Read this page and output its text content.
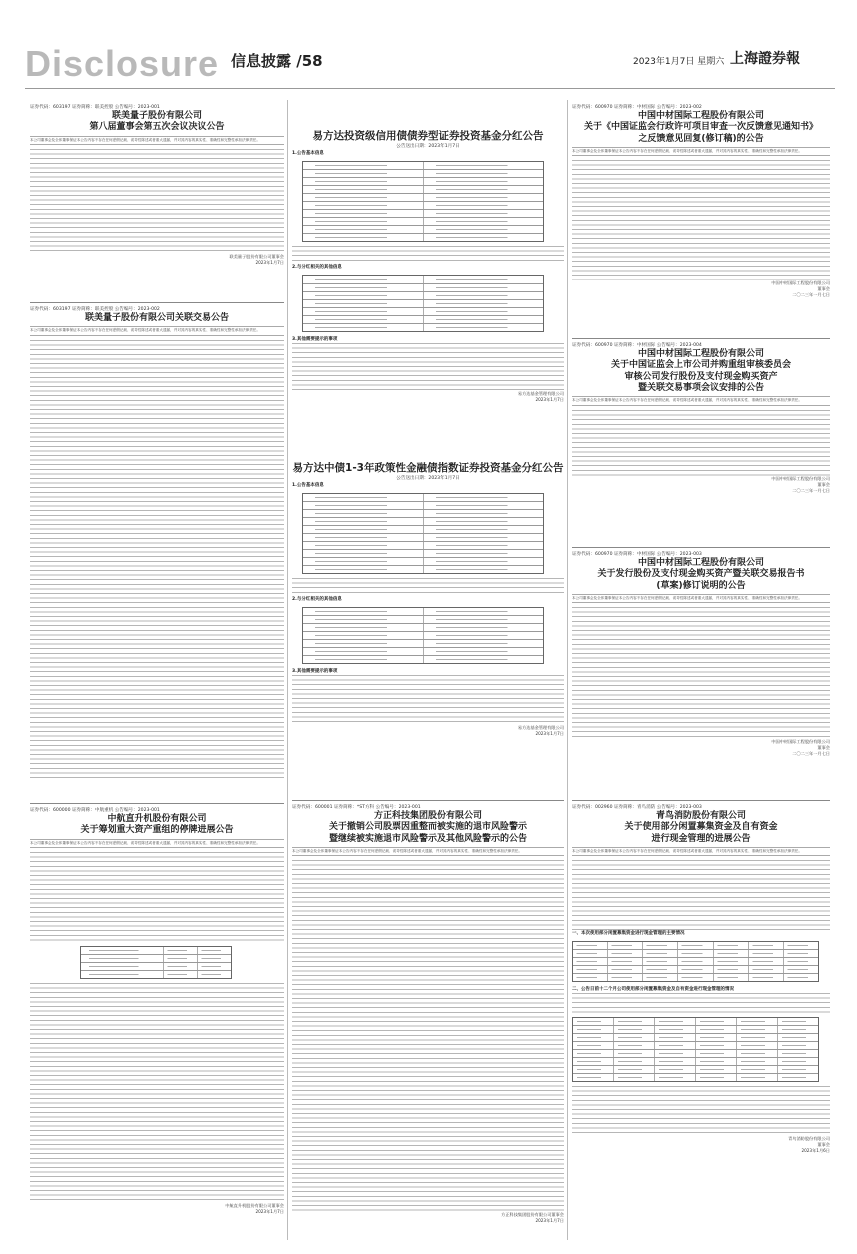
Disclosure 信息披露 /58	2023年1月7日 星期六 上海證券報
证券代码：603197 证券简称：联美控股 公告编号：2023-001
联美量子股份有限公司
第八届董事会第五次会议决议公告
本公司董事会及全体董事保证本公告内容不存在任何虚假记载、误导性陈述或者重大遗漏，并对其内容的真实性、准确性和完整性承担法律责任。
联美量子股份有限公司董事会
2023年1月7日
证券代码：603197 证券简称：联美控股 公告编号：2023-002
联美量子股份有限公司关联交易公告
本公司董事会及全体董事保证本公告内容不存在任何虚假记载、误导性陈述或者重大遗漏，并对其内容的真实性、准确性和完整性承担法律责任。
证券代码：600000 证券简称：中航重机 公告编号：2023-001
中航直升机股份有限公司
关于筹划重大资产重组的停牌进展公告
本公司董事会及全体董事保证本公告内容不存在任何虚假记载、误导性陈述或者重大遗漏，并对其内容的真实性、准确性和完整性承担法律责任。
中航直升机股份有限公司董事会
2023年1月7日
易方达投资级信用债债券型证券投资基金分红公告
公告送出日期：2023年1月7日
1.公告基本信息
2.与分红相关的其他信息
3.其他需要提示的事项
易方达基金管理有限公司
2023年1月7日
易方达中债1-3年政策性金融债指数证券投资基金分红公告
公告送出日期：2023年1月7日
1.公告基本信息
2.与分红相关的其他信息
3.其他需要提示的事项
易方达基金管理有限公司
2023年1月7日
证券代码：600001 证券简称：*ST方科 公告编号：2023-001
方正科技集团股份有限公司
关于撤销公司股票因重整而被实施的退市风险警示
暨继续被实施退市风险警示及其他风险警示的公告
本公司董事会及全体董事保证本公告内容不存在任何虚假记载、误导性陈述或者重大遗漏，并对其内容的真实性、准确性和完整性承担法律责任。
方正科技集团股份有限公司董事会
2023年1月7日
证券代码：600970 证券简称：中材国际 公告编号：2023-002
中国中材国际工程股份有限公司
关于《中国证监会行政许可项目审查一次反馈意见通知书》
之反馈意见回复(修订稿)的公告
本公司董事会及全体董事保证本公告内容不存在任何虚假记载、误导性陈述或者重大遗漏，并对其内容的真实性、准确性和完整性承担法律责任。
中国中材国际工程股份有限公司
董事会
二〇二三年一月七日
证券代码：600970 证券简称：中材国际 公告编号：2023-004
中国中材国际工程股份有限公司
关于中国证监会上市公司并购重组审核委员会
审核公司发行股份及支付现金购买资产
暨关联交易事项会议安排的公告
本公司董事会及全体董事保证本公告内容不存在任何虚假记载、误导性陈述或者重大遗漏，并对其内容的真实性、准确性和完整性承担法律责任。
中国中材国际工程股份有限公司
董事会
二〇二三年一月七日
证券代码：600970 证券简称：中材国际 公告编号：2023-003
中国中材国际工程股份有限公司
关于发行股份及支付现金购买资产暨关联交易报告书
(草案)修订说明的公告
本公司董事会及全体董事保证本公告内容不存在任何虚假记载、误导性陈述或者重大遗漏，并对其内容的真实性、准确性和完整性承担法律责任。
中国中材国际工程股份有限公司
董事会
二〇二三年一月七日
证券代码：002960 证券简称：青鸟消防 公告编号：2023-003
青鸟消防股份有限公司
关于使用部分闲置募集资金及自有资金
进行现金管理的进展公告
本公司董事会及全体董事保证本公告内容不存在任何虚假记载、误导性陈述或者重大遗漏，并对其内容的真实性、准确性和完整性承担法律责任。
一、本次使用部分闲置募集资金进行现金管理的主要情况
二、公告日前十二个月公司使用部分闲置募集资金及自有资金进行现金管理的情况
青鸟消防股份有限公司
董事会
2023年1月6日
